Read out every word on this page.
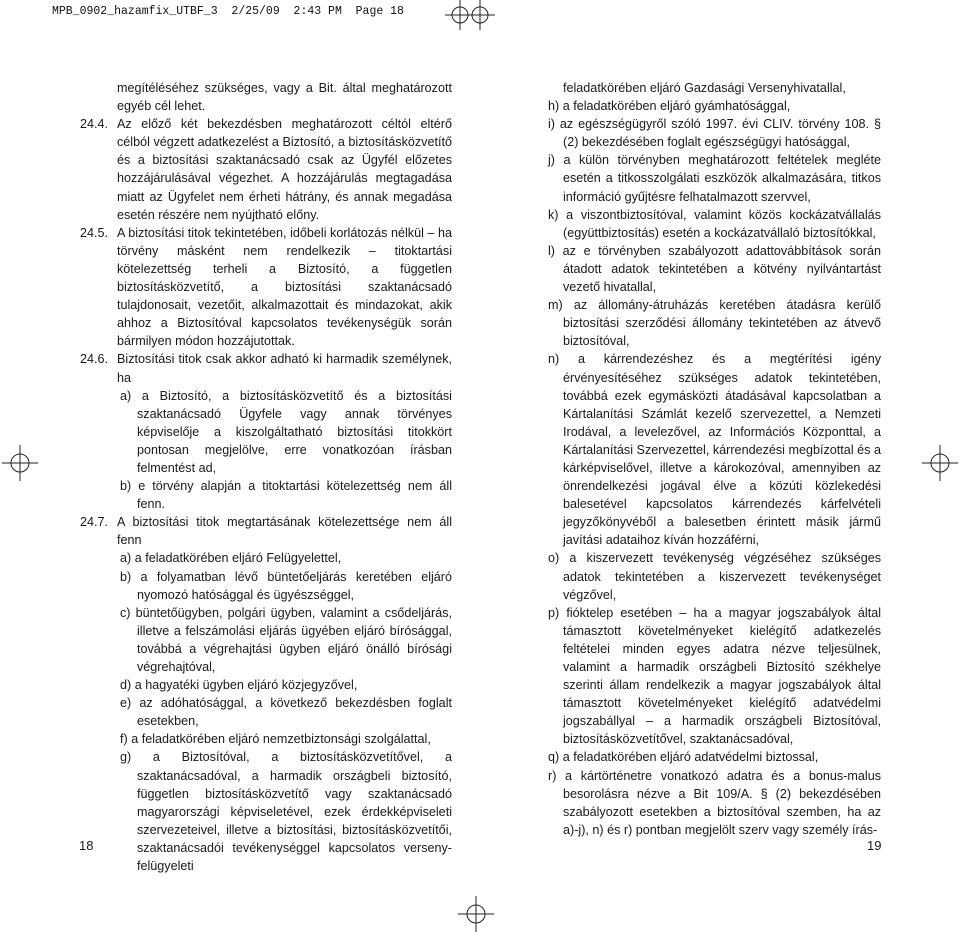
MPB_0902_hazamfix_UTBF_3  2/25/09  2:43 PM  Page 18

megítéléséhez szükséges, vagy a Bit. által meghatározott egyéb cél lehet.

24.4. Az előző két bekezdésben meghatározott céltól eltérő célból végzett adatkezelést a Biztosító, a biztosításközvetítő és a biztosítási szaktanácsadó csak az Ügyfél előzetes hozzájárulásával végezhet. A hozzájárulás megtagadása miatt az Ügyfelet nem érheti hátrány, és annak megadása esetén részére nem nyújtható előny.
24.5. A biztosítási titok tekintetében, időbeli korlátozás nélkül – ha törvény másként nem rendelkezik – titoktartási kötelezettség terheli a Biztosító, a független biztosításközvetítő, a biztosítási szaktanácsadó tulajdonosait, vezetőit, alkalmazottait és mindazokat, akik ahhoz a Biztosítóval kapcsolatos tevékenységük során bármilyen módon hozzájutottak.
24.6. Biztosítási titok csak akkor adható ki harmadik személynek, ha

a) a Biztosító, a biztosításközvetítő és a biztosítási szaktanácsadó Ügyfele vagy annak törvényes képviselője a kiszolgáltatható biztosítási titokkört pontosan megjelölve, erre vonatkozóan írásban felmentést ad,

b) e törvény alapján a titoktartási kötelezettség nem áll fenn.

24.7. A biztosítási titok megtartásának kötelezettsége nem áll fenn

a) a feladatkörében eljáró Felügyelettel,

b) a folyamatban lévő büntetőeljárás keretében eljáró nyomozó hatósággal és ügyészséggel,

c) büntetőügyben, polgári ügyben, valamint a csődeljárás, illetve a felszámolási eljárás ügyében eljáró bírósággal, továbbá a végrehajtási ügyben eljáró önálló bírósági végrehajtóval,

d) a hagyatéki ügyben eljáró közjegyzővel,

e) az adóhatósággal, a következő bekezdésben foglalt esetekben,

f) a feladatkörében eljáró nemzetbiztonsági szolgálattal,

g) a Biztosítóval, a biztosításközvetítővel, a szaktanácsadóval, a harmadik országbeli biztosító, független biztosításközvetítő vagy szaktanácsadó magyarországi képviseletével, ezek érdekképviseleti szervezeteivel, illetve a biztosítási, biztosításközvetítői, szaktanácsadói tevékenységgel kapcsolatos verseny-felügyeleti

feladatkörében eljáró Gazdasági Versenyhivatallal,

h) a feladatkörében eljáró gyámhatósággal,

i) az egészségügyről szóló 1997. évi CLIV. törvény 108. § (2) bekezdésében foglalt egészségügyi hatósággal,

j) a külön törvényben meghatározott feltételek megléte esetén a titkosszolgálati eszközök alkalmazására, titkos információ gyűjtésre felhatalmazott szervvel,

k) a viszontbiztosítóval, valamint közös kockázatvállalás (együttbiztosítás) esetén a kockázatvállaló biztosítókkal,

l) az e törvényben szabályozott adattovábbítások során átadott adatok tekintetében a kötvény nyilvántartást vezető hivatallal,

m) az állomány-átruházás keretében átadásra kerülő biztosítási szerződési állomány tekintetében az átvevő biztosítóval,

n) a kárrendezéshez és a megtérítési igény érvényesítéséhez szükséges adatok tekintetében, továbbá ezek egymásközti átadásával kapcsolatban a Kártalanítási Számlát kezelő szervezettel, a Nemzeti Irodával, a levelezővel, az Információs Központtal, a Kártalanítási Szervezettel, kárrendezési megbízottal és a kárképviselővel, illetve a károkozóval, amennyiben az önrendelkezési jogával élve a közúti közlekedési balesetével kapcsolatos kárrendezés kárfelvételi jegyzőkönyvéből a balesetben érintett másik jármű javítási adataihoz kíván hozzáférni,

o) a kiszervezett tevékenység végzéséhez szükséges adatok tekintetében a kiszervezett tevékenységet végzővel,

p) fióktelep esetében – ha a magyar jogszabályok által támasztott követelményeket kielégítő adatkezelés feltételei minden egyes adatra nézve teljesülnek, valamint a harmadik országbeli Biztosító székhelye szerinti állam rendelkezik a magyar jogszabályok által támasztott követelményeket kielégítő adatvédelmi jogszabállyal – a harmadik országbeli Biztosítóval, biztosításközvetítővel, szaktanácsadóval,

q) a feladatkörében eljáró adatvédelmi biztossal,

r) a kártörténetre vonatkozó adatra és a bonus-malus besorolásra nézve a Bit 109/A. § (2) bekezdésében szabályozott esetekben a biztosítóval szemben, ha az a)-j), n) és r) pontban megjelölt szerv vagy személy írás-

18	19
